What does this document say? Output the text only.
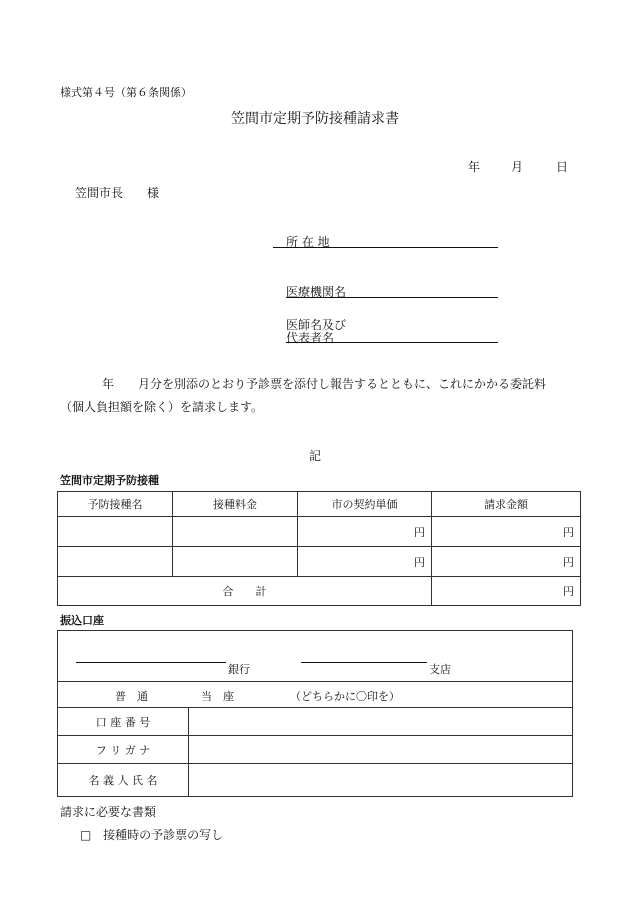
様式第４号（第６条関係）
笠間市定期予防接種請求書
年	月	日
笠間市長　　様
所 在 地
医療機関名
医師名及び
代表者名
年　　月分を別添のとおり予診票を添付し報告するとともに、これにかかる委託料
（個人負担額を除く）を請求します。
記
笠間市定期予防接種
予防接種名	接種料金	市の契約単価	請求金額
		円	円
		円	円
合　　計			円
振込口座
銀行 支店	

普　通 当　座 （どちらかに〇印を）	

口 座 番 号	
フ リ ガ ナ	
名 義 人 氏 名	
請求に必要な書類
□ 接種時の予診票の写し
